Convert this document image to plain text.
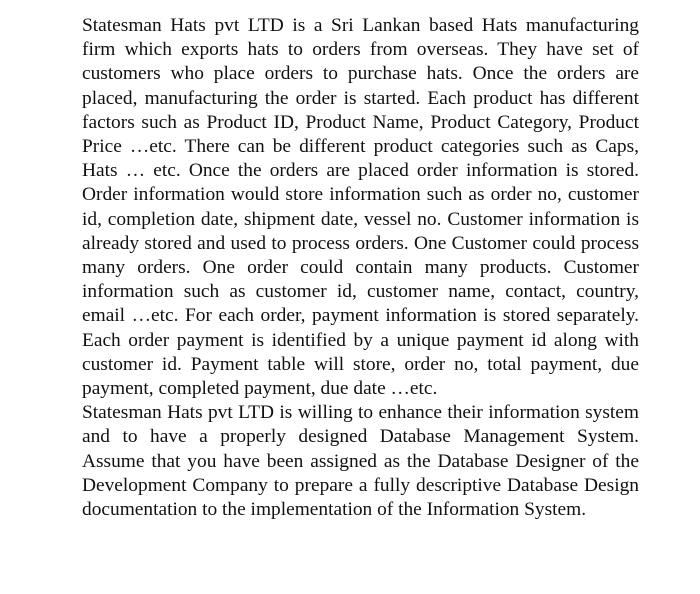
Statesman Hats pvt LTD is a Sri Lankan based Hats manufacturing firm which exports hats to orders from overseas. They have set of customers who place orders to purchase hats. Once the orders are placed, manufacturing the order is started. Each product has different factors such as Product ID, Product Name, Product Category, Product Price …etc. There can be different product categories such as Caps, Hats … etc. Once the orders are placed order information is stored. Order information would store information such as order no, customer id, completion date, shipment date, vessel no. Customer information is already stored and used to process orders. One Customer could process many orders. One order could contain many products. Customer information such as customer id, customer name, contact, country, email …etc. For each order, payment information is stored separately. Each order payment is identified by a unique payment id along with customer id. Payment table will store, order no, total payment, due payment, completed payment, due date …etc.

Statesman Hats pvt LTD is willing to enhance their information system and to have a properly designed Database Management System. Assume that you have been assigned as the Database Designer of the Development Company to prepare a fully descriptive Database Design documentation to the implementation of the Information System.
